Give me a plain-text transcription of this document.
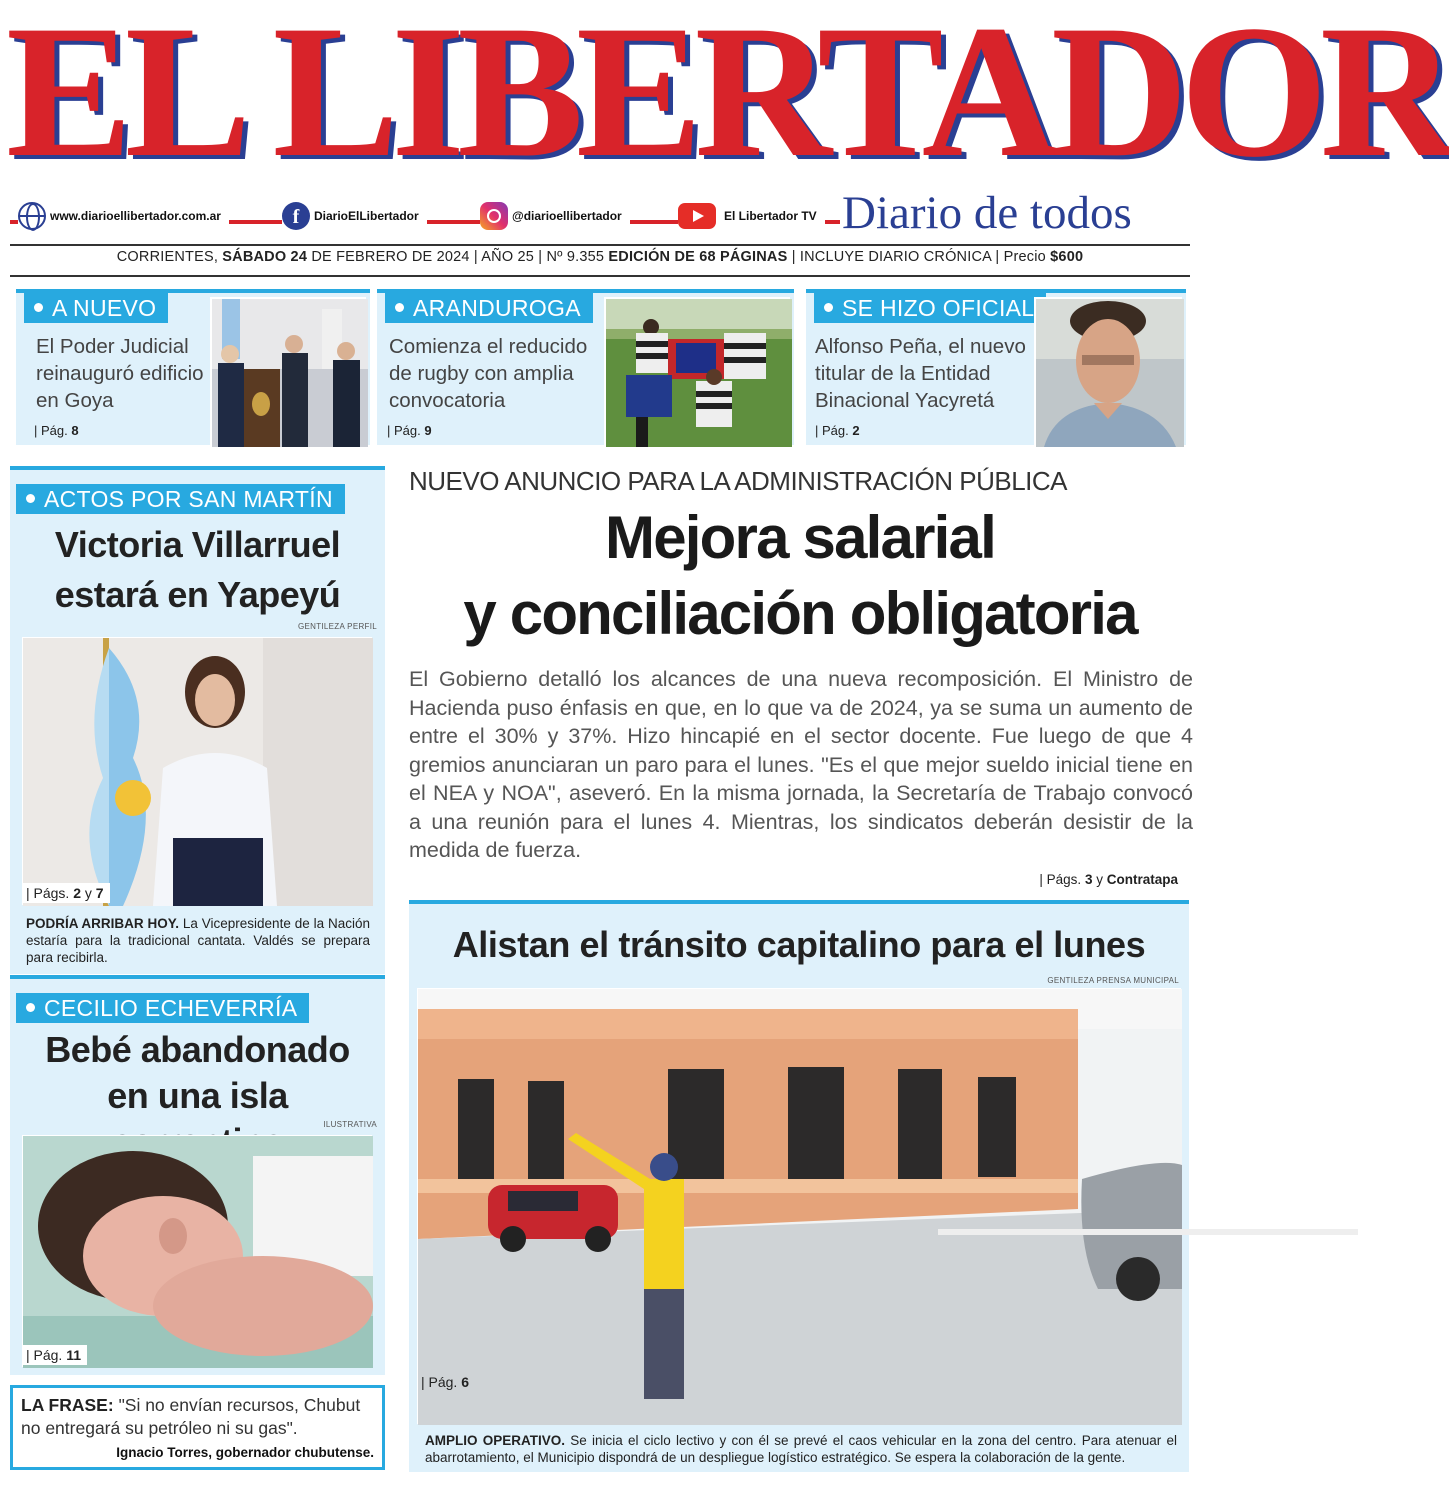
EL LIBERTADOR
www.diarioellibertador.com.ar	f	DiarioElLibertador	@diarioellibertador	El Libertador TV Diario de todos
CORRIENTES, SÁBADO 24 DE FEBRERO DE 2024 | AÑO 25 | Nº 9.355 EDICIÓN DE 68 PÁGINAS | INCLUYE DIARIO CRÓNICA | Precio $600
A NUEVO
El Poder Judicial reinauguró edificio en Goya
| Pág. 8
ARANDUROGA
Comienza el reducido de rugby con amplia convocatoria
| Pág. 9
SE HIZO OFICIAL
Alfonso Peña, el nuevo titular de la Entidad Binacional Yacyretá
| Pág. 2
ACTOS POR SAN MARTÍN
Victoria Villarruel estará en Yapeyú
GENTILEZA PERFIL
| Págs. 2 y 7
PODRÍA ARRIBAR HOY. La Vicepresidente de la Nación estaría para la tradicional cantata. Valdés se prepara para recibirla.
CECILIO ECHEVERRÍA
Bebé abandonado en una isla
ILUSTRATIVA
| Pág. 11
LA FRASE: "Si no envían recursos, Chubut no entregará su petróleo ni su gas".
Ignacio Torres, gobernador chubutense.
NUEVO ANUNCIO PARA LA ADMINISTRACIÓN PÚBLICA
Mejora salarial
y conciliación obligatoria
El Gobierno detalló los alcances de una nueva recomposición. El Ministro de Hacienda puso énfasis en que, en lo que va de 2024, ya se suma un aumento de entre el 30% y 37%. Hizo hincapié en el sector docente. Fue luego de que 4 gremios anunciaran un paro para el lunes. "Es el que mejor sueldo inicial tiene en el NEA y NOA", aseveró. En la misma jornada, la Secretaría de Trabajo convocó a una reunión para el lunes 4. Mientras, los sindicatos deberán desistir de la medida de fuerza.
| Págs. 3 y Contratapa
Alistan el tránsito capitalino para el lunes
GENTILEZA PRENSA MUNICIPAL
| Pág. 6
AMPLIO OPERATIVO. Se inicia el ciclo lectivo y con él se prevé el caos vehicular en la zona del centro. Para atenuar el abarrotamiento, el Municipio dispondrá de un despliegue logístico estratégico. Se espera la colaboración de la gente.
